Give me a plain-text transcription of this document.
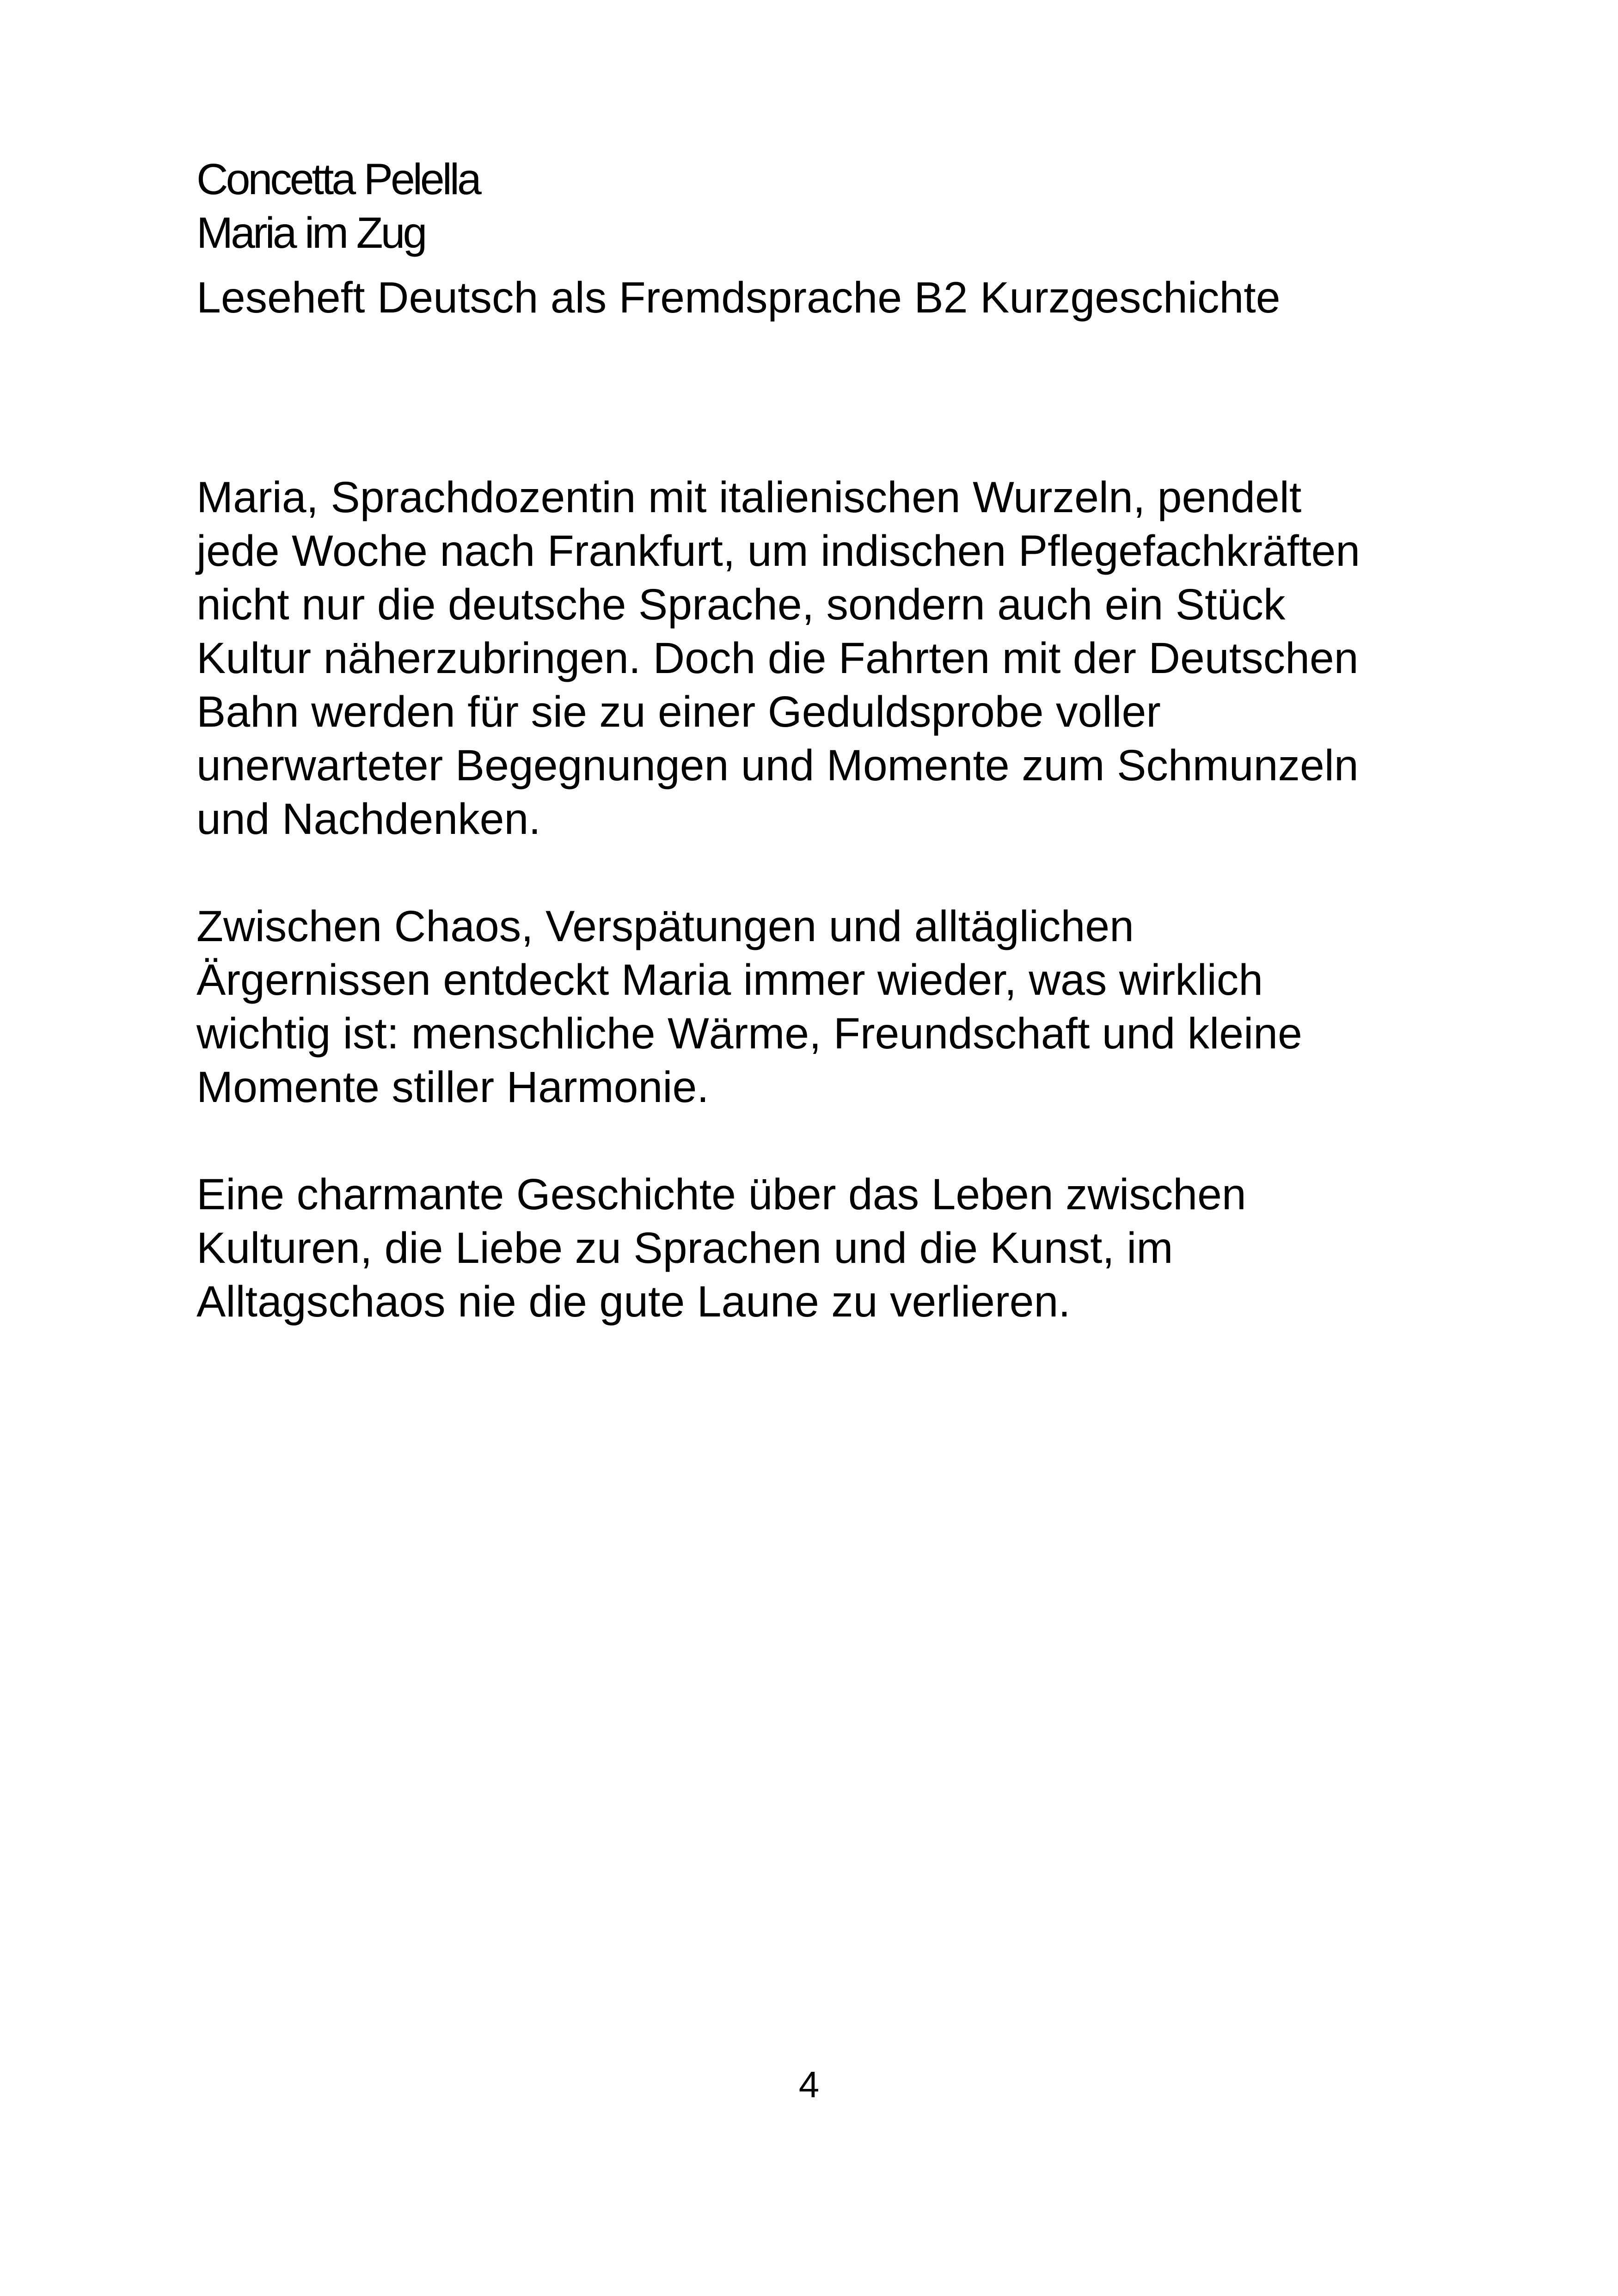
Concetta Pelella
Maria im Zug
Leseheft Deutsch als Fremdsprache B2 Kurzgeschichte

Maria, Sprachdozentin mit italienischen Wurzeln, pendelt
jede Woche nach Frankfurt, um indischen Pflegefachkräften
nicht nur die deutsche Sprache, sondern auch ein Stück
Kultur näherzubringen. Doch die Fahrten mit der Deutschen
Bahn werden für sie zu einer Geduldsprobe voller
unerwarteter Begegnungen und Momente zum Schmunzeln
und Nachdenken.

Zwischen Chaos, Verspätungen und alltäglichen
Ärgernissen entdeckt Maria immer wieder, was wirklich
wichtig ist: menschliche Wärme, Freundschaft und kleine
Momente stiller Harmonie.

Eine charmante Geschichte über das Leben zwischen
Kulturen, die Liebe zu Sprachen und die Kunst, im
Alltagschaos nie die gute Laune zu verlieren.

4
